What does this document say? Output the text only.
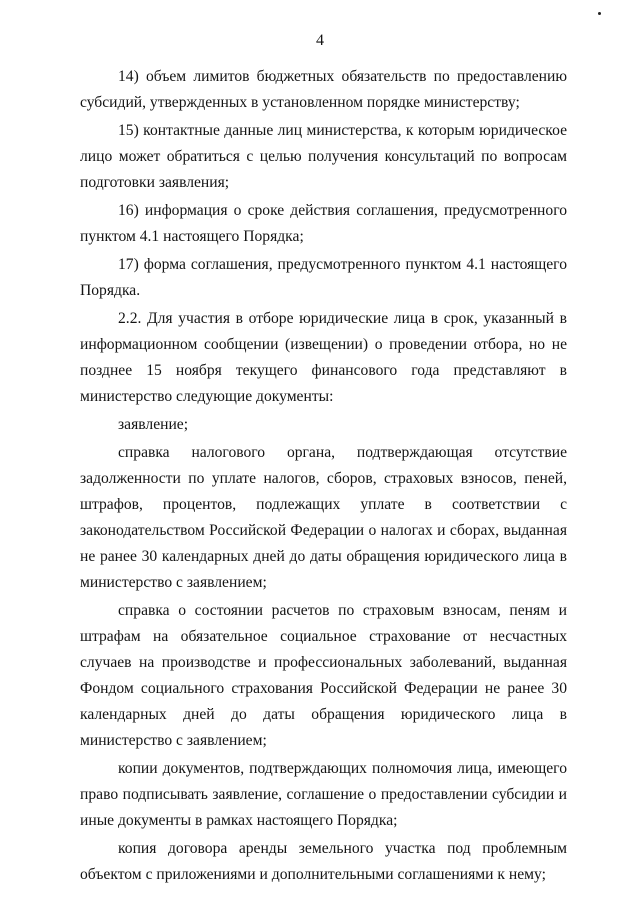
4

14) объем лимитов бюджетных обязательств по предоставлению субсидий, утвержденных в установленном порядке министерству;

15) контактные данные лиц министерства, к которым юридическое лицо может обратиться с целью получения консультаций по вопросам подготовки заявления;

16) информация о сроке действия соглашения, предусмотренного пунктом 4.1 настоящего Порядка;

17) форма соглашения, предусмотренного пунктом 4.1 настоящего Порядка.

2.2. Для участия в отборе юридические лица в срок, указанный в информационном сообщении (извещении) о проведении отбора, но не позднее 15 ноября текущего финансового года представляют в министерство следующие документы:

заявление;

справка налогового органа, подтверждающая отсутствие задолженности по уплате налогов, сборов, страховых взносов, пеней, штрафов, процентов, подлежащих уплате в соответствии с законодательством Российской Федерации о налогах и сборах, выданная не ранее 30 календарных дней до даты обращения юридического лица в министерство с заявлением;

справка о состоянии расчетов по страховым взносам, пеням и штрафам на обязательное социальное страхование от несчастных случаев на производстве и профессиональных заболеваний, выданная Фондом социального страхования Российской Федерации не ранее 30 календарных дней до даты обращения юридического лица в министерство с заявлением;

копии документов, подтверждающих полномочия лица, имеющего право подписывать заявление, соглашение о предоставлении субсидии и иные документы в рамках настоящего Порядка;

копия договора аренды земельного участка под проблемным объектом с приложениями и дополнительными соглашениями к нему;
